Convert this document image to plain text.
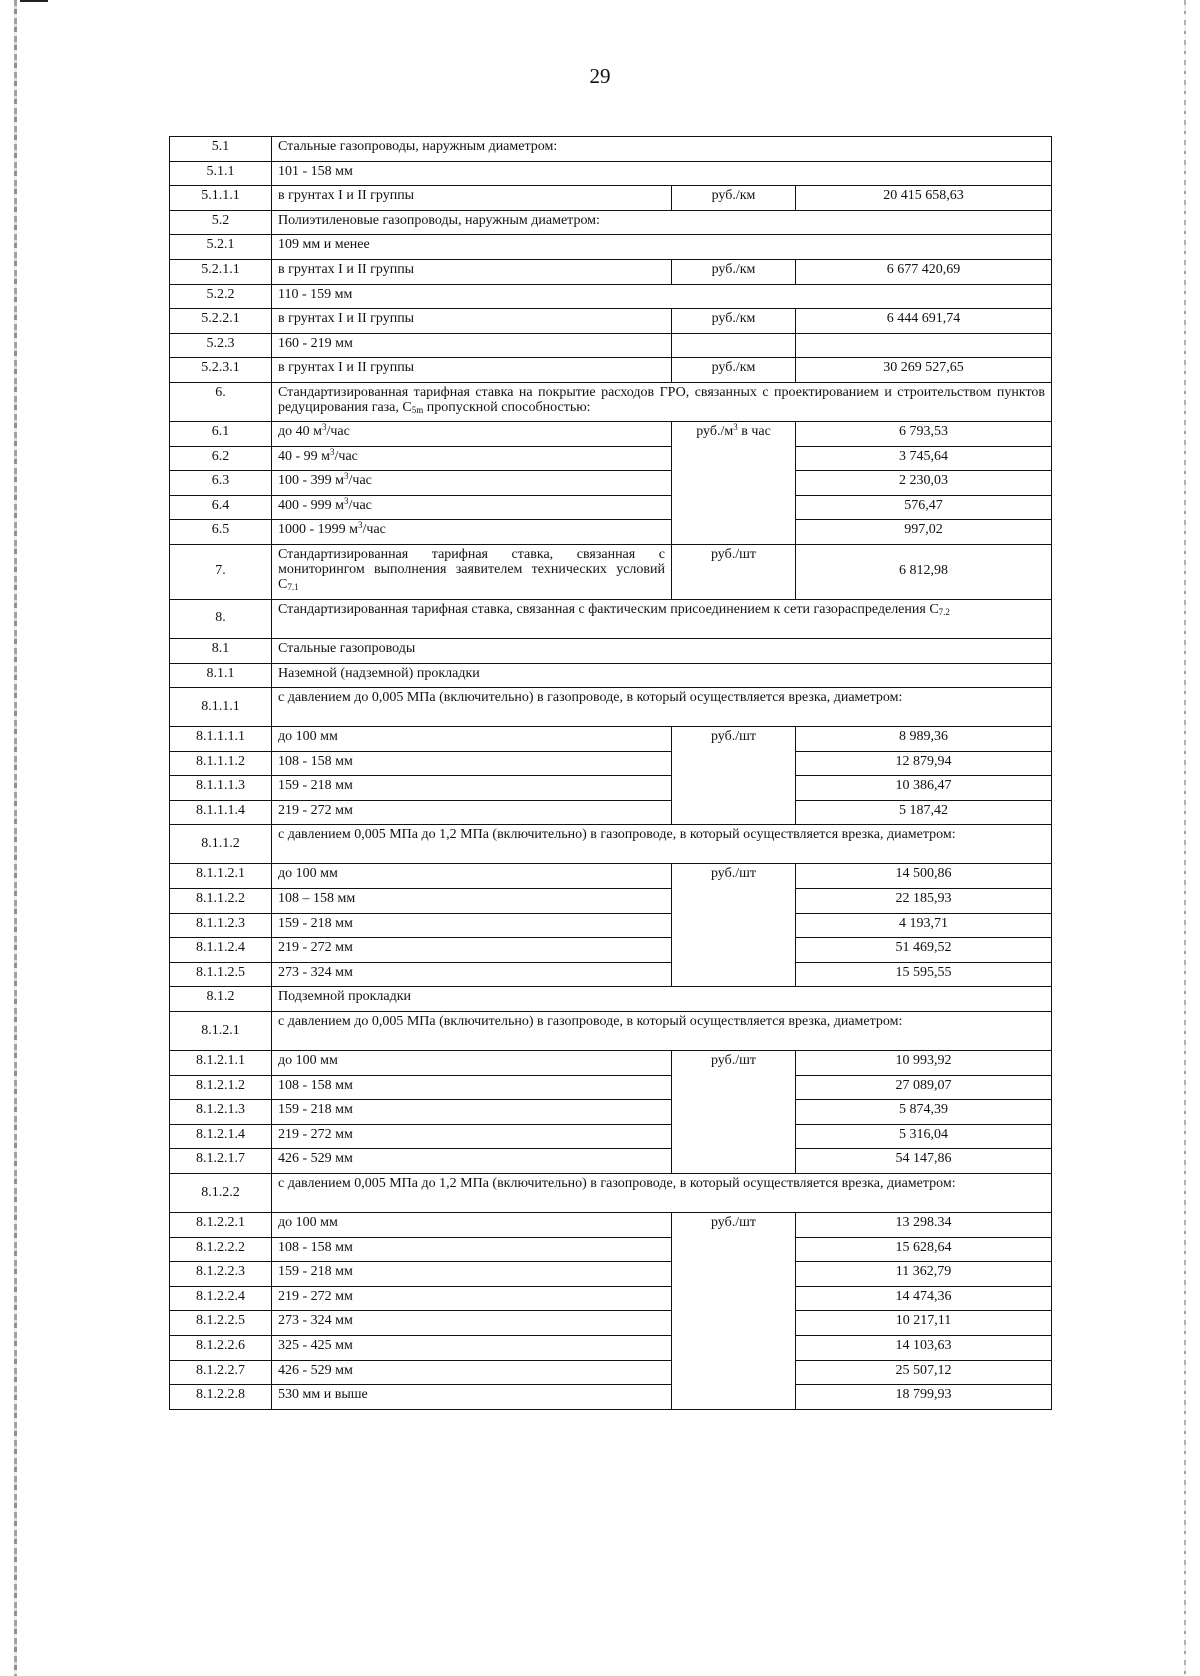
29
5.1	Стальные газопроводы, наружным диаметром:		
5.1.1	101 - 158 мм		
5.1.1.1	в грунтах I и II группы	руб./км	20 415 658,63
5.2	Полиэтиленовые газопроводы, наружным диаметром:		
5.2.1	109 мм и менее		
5.2.1.1	в грунтах I и II группы	руб./км	6 677 420,69
5.2.2	110 - 159 мм		
5.2.2.1	в грунтах I и II группы	руб./км	6 444 691,74
5.2.3	160 - 219 мм		
5.2.3.1	в грунтах I и II группы	руб./км	30 269 527,65
6.	Стандартизированная тарифная ставка на покрытие расходов ГРО, связанных с проектированием и строительством пунктов редуцирования газа, $С_{5m}$ пропускной способностью:		
6.1	до 40 $м^3$/час	$руб./м^3$ в час	6 793,53
6.2	40 - 99 $м^3$/час		3 745,64
6.3	100 - 399 $м^3$/час		2 230,03
6.4	400 - 999 $м^3$/час		576,47
6.5	1000 - 1999 $м^3$/час		997,02
7.	Стандартизированная тарифная ставка, связанная с мониторингом выполнения заявителем технических условий $С_{7.1}$	руб./шт	6 812,98
8.	Стандартизированная тарифная ставка, связанная с фактическим присоединением к сети газораспределения $С_{7.2}$
8.1	Стальные газопроводы		
8.1.1	Наземной (надземной) прокладки		
8.1.1.1	с давлением до 0,005 МПа (включительно) в газопроводе, в который осуществляется врезка, диаметром:		
8.1.1.1.1	до 100 мм	руб./шт	8 989,36
8.1.1.1.2	108 - 158 мм		12 879,94
8.1.1.1.3	159 - 218 мм		10 386,47
8.1.1.1.4	219 - 272 мм		5 187,42
8.1.1.2	с давлением 0,005 МПа до 1,2 МПа (включительно) в газопроводе, в который осуществляется врезка, диаметром:		
8.1.1.2.1	до 100 мм	руб./шт	14 500,86
8.1.1.2.2	108 – 158 мм		22 185,93
8.1.1.2.3	159 - 218 мм		4 193,71
8.1.1.2.4	219 - 272 мм		51 469,52
8.1.1.2.5	273 - 324 мм		15 595,55
8.1.2	Подземной прокладки		
8.1.2.1	с давлением до 0,005 МПа (включительно) в газопроводе, в который осуществляется врезка, диаметром:		
8.1.2.1.1	до 100 мм	руб./шт	10 993,92
8.1.2.1.2	108 - 158 мм		27 089,07
8.1.2.1.3	159 - 218 мм		5 874,39
8.1.2.1.4	219 - 272 мм		5 316,04
8.1.2.1.7	426 - 529 мм		54 147,86
8.1.2.2	с давлением 0,005 МПа до 1,2 МПа (включительно) в газопроводе, в который осуществляется врезка, диаметром:		
8.1.2.2.1	до 100 мм	руб./шт	13 298.34
8.1.2.2.2	108 - 158 мм		15 628,64
8.1.2.2.3	159 - 218 мм		11 362,79
8.1.2.2.4	219 - 272 мм		14 474,36
8.1.2.2.5	273 - 324 мм		10 217,11
8.1.2.2.6	325 - 425 мм		14 103,63
8.1.2.2.7	426 - 529 мм		25 507,12
8.1.2.2.8	530 мм и выше		18 799,93
